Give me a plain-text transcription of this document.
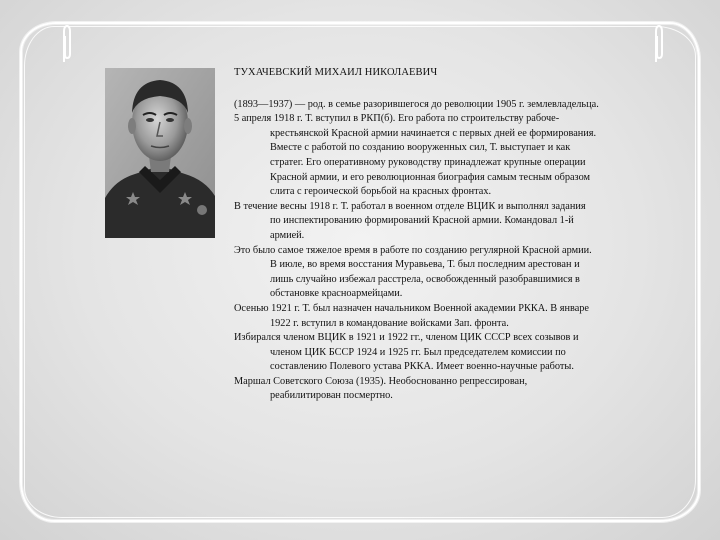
ТУХАЧЕВСКИЙ МИХАИЛ НИКОЛАЕВИЧ
(1893—1937) — род. в семье разорившегося до революции 1905 г. землевладельца.
5 апреля 1918 г. Т. вступил в РКП(б). Его работа по строительству рабоче-
крестьянской Красной армии начинается с первых дней ее формирования.
Вместе с работой по созданию вооруженных сил, Т. выступает и как
стратег. Его оперативному руководству принадлежат крупные операции
Красной армии, и его революционная биография самым тесным образом
слита с героической борьбой на красных фронтах.
В течение весны 1918 г. Т. работал в военном отделе ВЦИК и выполнял задания
по инспектированию формирований Красной армии. Командовал 1-й
армией.
Это было самое тяжелое время в работе по созданию регулярной Красной армии.
В июле, во время восстания Муравьева, Т. был последним арестован и
лишь случайно избежал расстрела, освобожденный разобравшимися в
обстановке красноармейцами.
Осенью 1921 г. Т. был назначен начальником Военной академии РККА. В январе
1922 г. вступил в командование войсками Зап. фронта.
Избирался членом ВЦИК в 1921 и 1922 гг., членом ЦИК СССР всех созывов и
членом ЦИК БССР 1924 и 1925 гг. Был председателем комиссии по
составлению Полевого устава РККА. Имеет военно-научные работы.
Маршал Советского Союза (1935). Необоснованно репрессирован,
реабилитирован посмертно.
